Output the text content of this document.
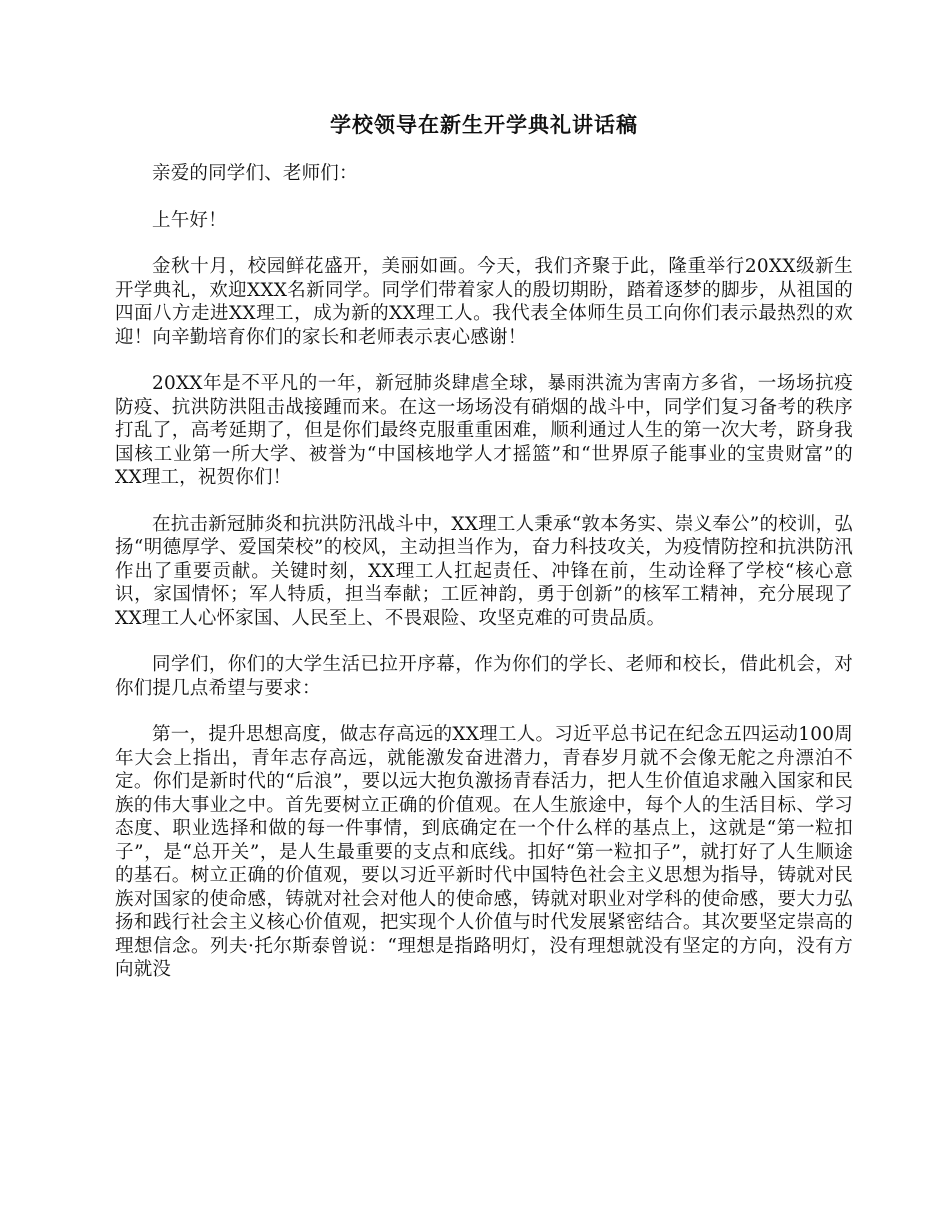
学校领导在新生开学典礼讲话稿

亲爱的同学们、老师们：

上午好！

金秋十月，校园鲜花盛开，美丽如画。今天，我们齐聚于此，隆重举行20XX级新生开学典礼，欢迎XXX名新同学。同学们带着家人的殷切期盼，踏着逐梦的脚步，从祖国的四面八方走进XX理工，成为新的XX理工人。我代表全体师生员工向你们表示最热烈的欢迎！向辛勤培育你们的家长和老师表示衷心感谢！

20XX年是不平凡的一年，新冠肺炎肆虐全球，暴雨洪流为害南方多省，一场场抗疫防疫、抗洪防洪阻击战接踵而来。在这一场场没有硝烟的战斗中，同学们复习备考的秩序打乱了，高考延期了，但是你们最终克服重重困难，顺利通过人生的第一次大考，跻身我国核工业第一所大学、被誉为“中国核地学人才摇篮”和“世界原子能事业的宝贵财富”的XX理工，祝贺你们！

在抗击新冠肺炎和抗洪防汛战斗中，XX理工人秉承“敦本务实、崇义奉公”的校训，弘扬“明德厚学、爱国荣校”的校风，主动担当作为，奋力科技攻关，为疫情防控和抗洪防汛作出了重要贡献。关键时刻，XX理工人扛起责任、冲锋在前，生动诠释了学校“核心意识，家国情怀；军人特质，担当奉献；工匠神韵，勇于创新”的核军工精神，充分展现了XX理工人心怀家国、人民至上、不畏艰险、攻坚克难的可贵品质。

同学们，你们的大学生活已拉开序幕，作为你们的学长、老师和校长，借此机会，对你们提几点希望与要求：

第一，提升思想高度，做志存高远的XX理工人。习近平总书记在纪念五四运动100周年大会上指出，青年志存高远，就能激发奋进潜力，青春岁月就不会像无舵之舟漂泊不定。你们是新时代的“后浪”，要以远大抱负激扬青春活力，把人生价值追求融入国家和民族的伟大事业之中。首先要树立正确的价值观。在人生旅途中，每个人的生活目标、学习态度、职业选择和做的每一件事情，到底确定在一个什么样的基点上，这就是“第一粒扣子”，是“总开关”，是人生最重要的支点和底线。扣好“第一粒扣子”，就打好了人生顺途的基石。树立正确的价值观，要以习近平新时代中国特色社会主义思想为指导，铸就对民族对国家的使命感，铸就对社会对他人的使命感，铸就对职业对学科的使命感，要大力弘扬和践行社会主义核心价值观，把实现个人价值与时代发展紧密结合。其次要坚定崇高的理想信念。列夫·托尔斯泰曾说：“理想是指路明灯，没有理想就没有坚定的方向，没有方向就没
